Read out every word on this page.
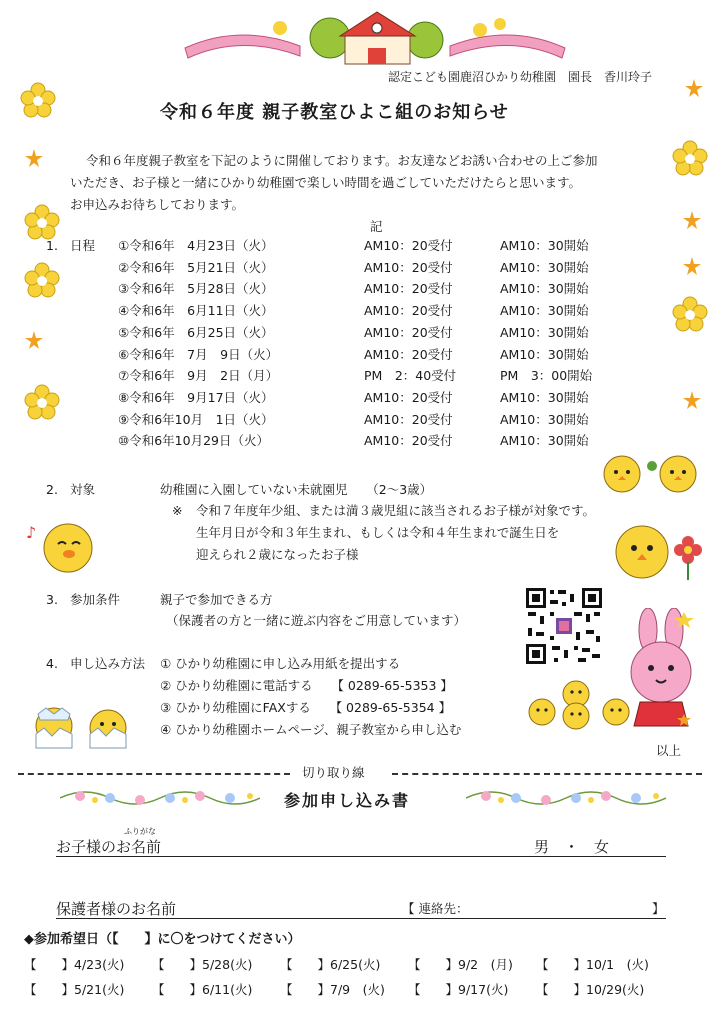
認定こども園鹿沼ひかり幼稚園　園長　香川玲子
令和６年度 親子教室ひよこ組のお知らせ
令和６年度親子教室を下記のように開催しております。お友達などお誘い合わせの上ご参加
いただき、お子様と一緒にひかり幼稚園で楽しい時間を過ごしていただけたらと思います。
お申込みお待ちしております。
記
1. 日程 ①令和6年　4月23日（火）	AM10：20受付	AM10：30開始
②令和6年　5月21日（火）	AM10：20受付	AM10：30開始
③令和6年　5月28日（火）	AM10：20受付	AM10：30開始
④令和6年　6月11日（火）	AM10：20受付	AM10：30開始
⑤令和6年　6月25日（火）	AM10：20受付	AM10：30開始
⑥令和6年　7月　9日（火）	AM10：20受付	AM10：30開始
⑦令和6年　9月　2日（月）	PM　2：40受付	PM　3：00開始
⑧令和6年　9月17日（火）	AM10：20受付	AM10：30開始
⑨令和6年10月　1日（火）	AM10：20受付	AM10：30開始
⑩令和6年10月29日（火）	AM10：20受付	AM10：30開始
2. 対象	幼稚園に入園していない未就園児　　（2～3歳）
※ 令和７年度年少組、または満３歳児組に該当されるお子様が対象です。
生年月日が令和３年生まれ、もしくは令和４年生まれで誕生日を
迎えられ２歳になったお子様
3. 参加条件	親子で参加できる方
（保護者の方と一緒に遊ぶ内容をご用意しています）
4. 申し込み方法 ① ひかり幼稚園に申し込み用紙を提出する
② ひかり幼稚園に電話する　　【 0289-65-5353 】
③ ひかり幼稚園にFAXする　　【 0289-65-5354 】
④ ひかり幼稚園ホームページ、親子教室から申し込む
♪
以上
切り取り線
参加申し込み書
ふりがな
お子様のお名前	男　・　女
保護者様のお名前	【 連絡先：	】
◆参加希望日（【　　】に〇をつけてください）
【　　】4/23(火) 【　　】5/28(火) 【　　】6/25(火) 【　　】9/2　(月) 【　　】10/1　(火)
【　　】5/21(火) 【　　】6/11(火) 【　　】7/9　(火) 【　　】9/17(火) 【　　】10/29(火)
